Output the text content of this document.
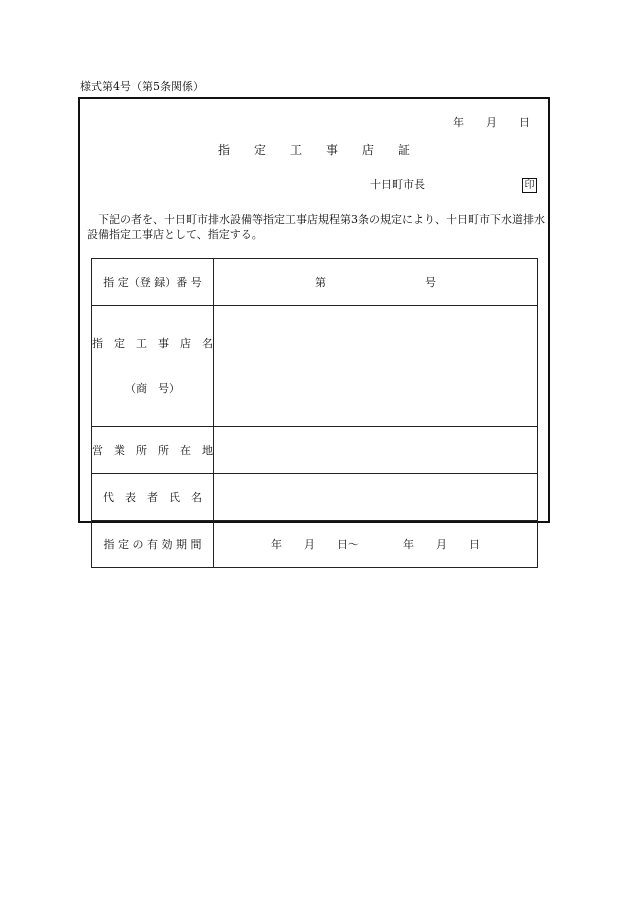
様式第4号（第5条関係）
年　　月　　日
指　　定　　工　　事　　店　　証
十日町市長	印
下記の者を、十日町市排水設備等指定工事店規程第3条の規定により、十日町市下水道排水設備指定工事店として、指定する。
指 定（登 録）番 号	第　　　　　　　　　号

指　定　工　事　店　名

（商　号）	

営　業　所　所　在　地	
代　表　者　氏　名	
指 定 の 有 効 期 間	年　　月　　日～　　　　年　　月　　日
